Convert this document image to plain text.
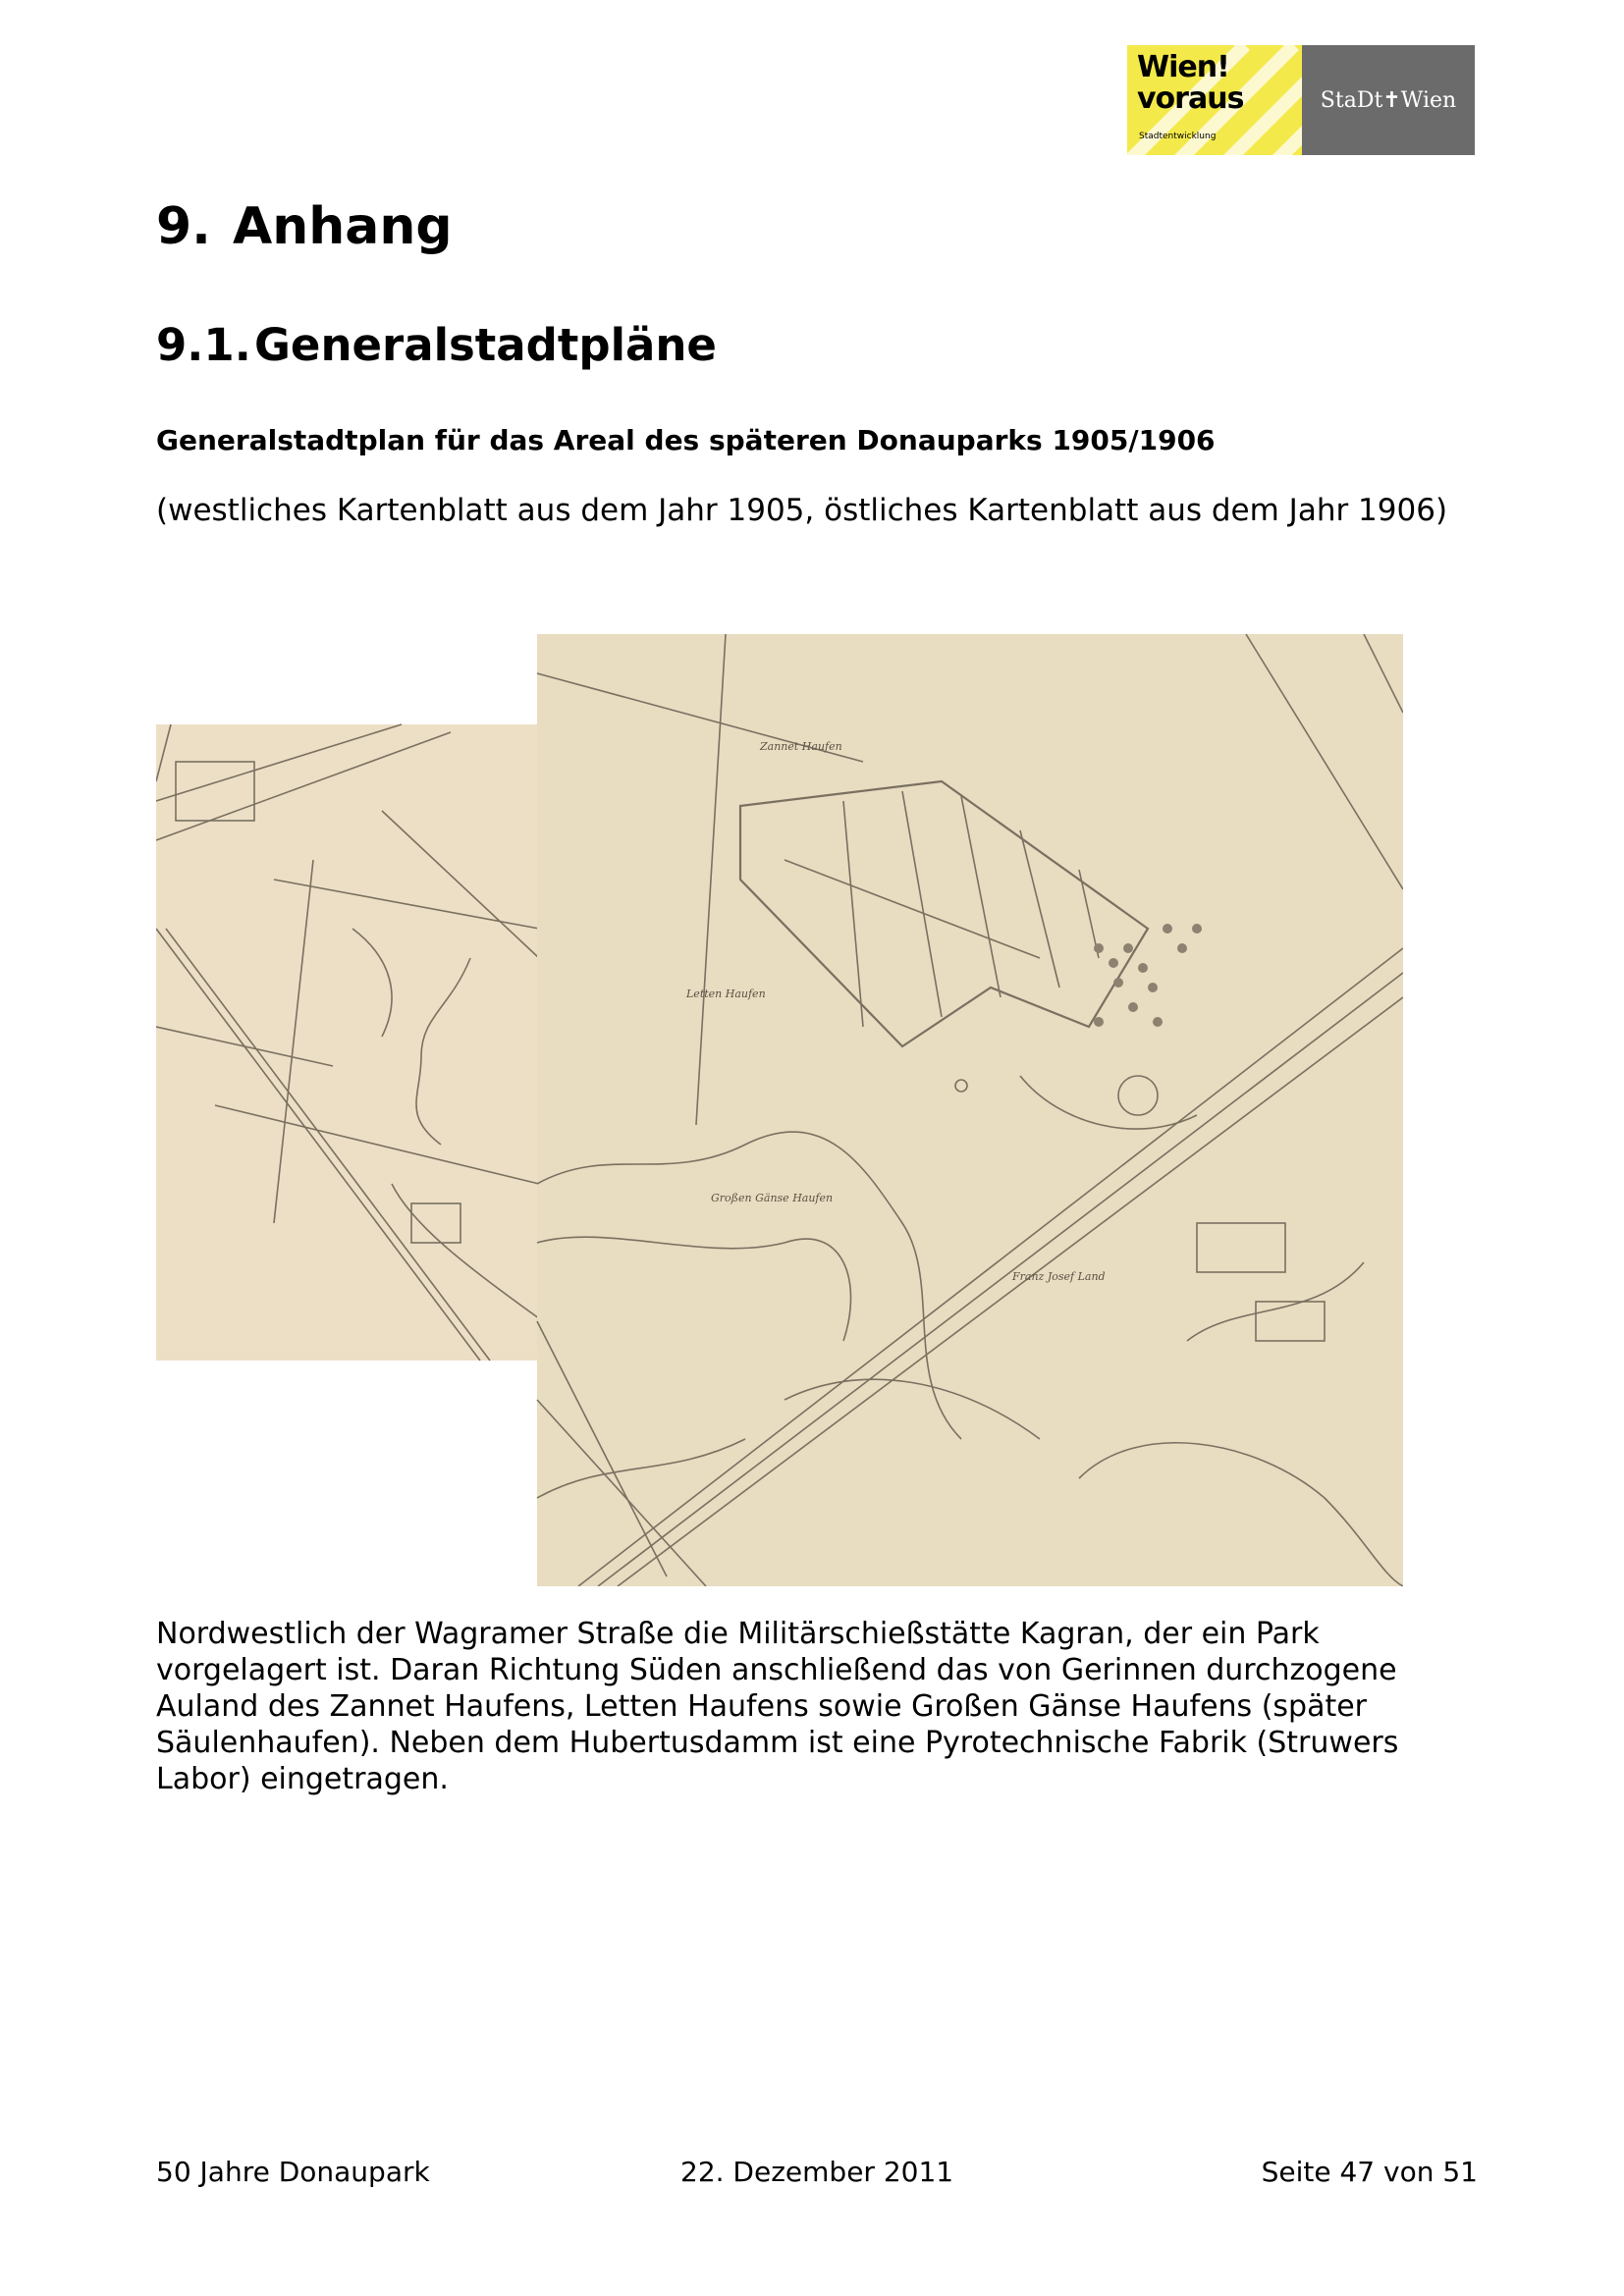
Wien!
voraus
Stadtentwicklung
StaDt✝Wien
9. Anhang
9.1.Generalstadtpläne
Generalstadtplan für das Areal des späteren Donauparks 1905/1906
(westliches Kartenblatt aus dem Jahr 1905, östliches Kartenblatt aus dem Jahr 1906)
Zannet Haufen
Letten Haufen
Großen Gänse Haufen
Franz Josef Land
Nordwestlich der Wagramer Straße die Militärschießstätte Kagran, der ein Park vorgelagert ist. Daran Richtung Süden anschließend das von Gerinnen durchzogene Auland des Zannet Haufens, Letten Haufens sowie Großen Gänse Haufens (später Säulenhaufen). Neben dem Hubertusdamm ist eine Pyrotechnische Fabrik (Struwers Labor) eingetragen.
50 Jahre Donaupark	22. Dezember 2011	Seite 47 von 51
